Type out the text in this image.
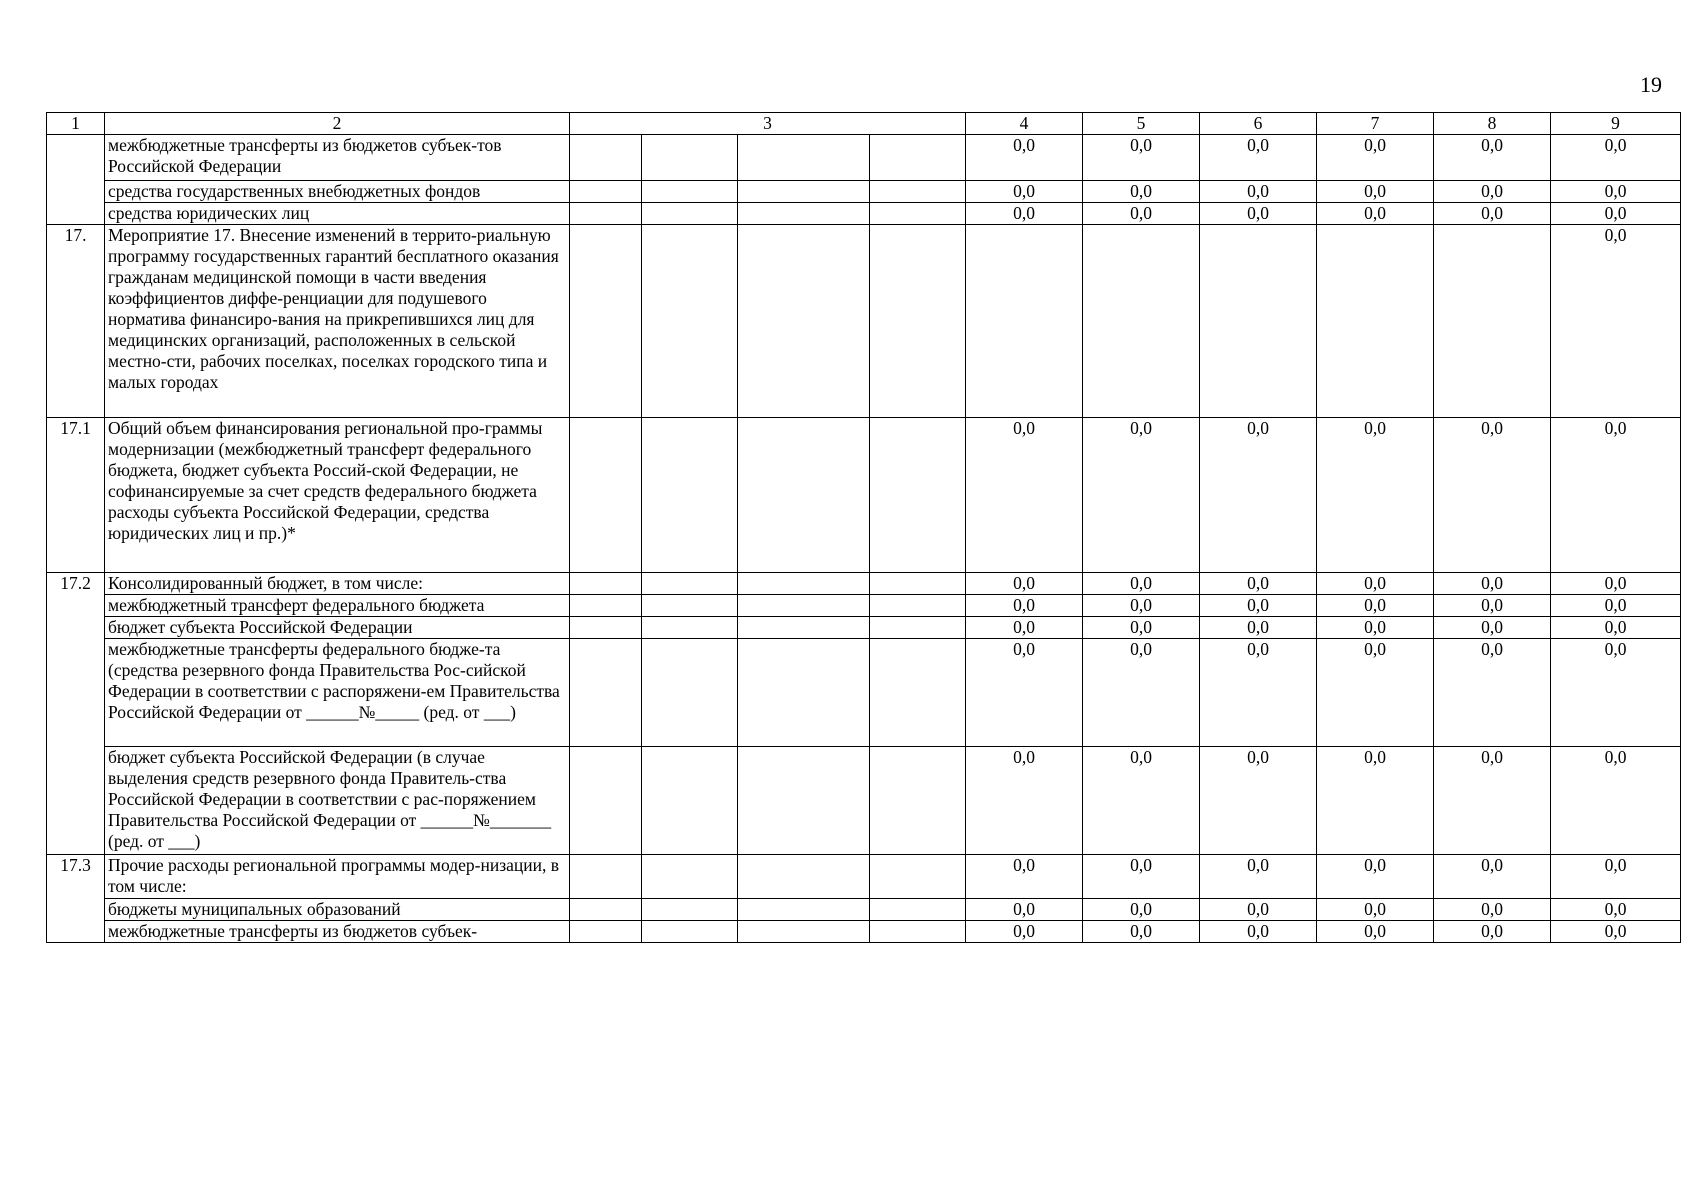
19
1	2	3				4	5	6	7	8	9
	межбюджетные трансферты из бюджетов субъек-тов Российской Федерации					0,0	0,0	0,0	0,0	0,0	0,0
	средства государственных внебюджетных фондов					0,0	0,0	0,0	0,0	0,0	0,0
	средства юридических лиц					0,0	0,0	0,0	0,0	0,0	0,0
17.	Мероприятие 17. Внесение изменений в террито-риальную программу государственных гарантий бесплатного оказания гражданам медицинской помощи в части введения коэффициентов диффе-ренциации для подушевого норматива финансиро-вания на прикрепившихся лиц для медицинских организаций, расположенных в сельской местно-сти, рабочих поселках, поселках городского типа и малых городах										0,0
17.1	Общий объем финансирования региональной про-граммы модернизации (межбюджетный трансферт федерального бюджета, бюджет субъекта Россий-ской Федерации, не софинансируемые за счет средств федерального бюджета расходы субъекта Российской Федерации, средства юридических лиц и пр.)*					0,0	0,0	0,0	0,0	0,0	0,0
17.2	Консолидированный бюджет, в том числе:					0,0	0,0	0,0	0,0	0,0	0,0
	межбюджетный трансферт федерального бюджета					0,0	0,0	0,0	0,0	0,0	0,0
	бюджет субъекта Российской Федерации					0,0	0,0	0,0	0,0	0,0	0,0
	межбюджетные трансферты федерального бюдже-та (средства резервного фонда Правительства Рос-сийской Федерации в соответствии с распоряжени-ем Правительства Российской Федерации от ______№_____ (ред. от ___)					0,0	0,0	0,0	0,0	0,0	0,0
	бюджет субъекта Российской Федерации (в случае выделения средств резервного фонда Правитель-ства Российской Федерации в соответствии с рас-поряжением Правительства Российской Федерации от ______№_______ (ред. от ___)					0,0	0,0	0,0	0,0	0,0	0,0
17.3	Прочие расходы региональной программы модер-низации, в том числе:					0,0	0,0	0,0	0,0	0,0	0,0
	бюджеты муниципальных образований					0,0	0,0	0,0	0,0	0,0	0,0
	межбюджетные трансферты из бюджетов субъек-					0,0	0,0	0,0	0,0	0,0	0,0
